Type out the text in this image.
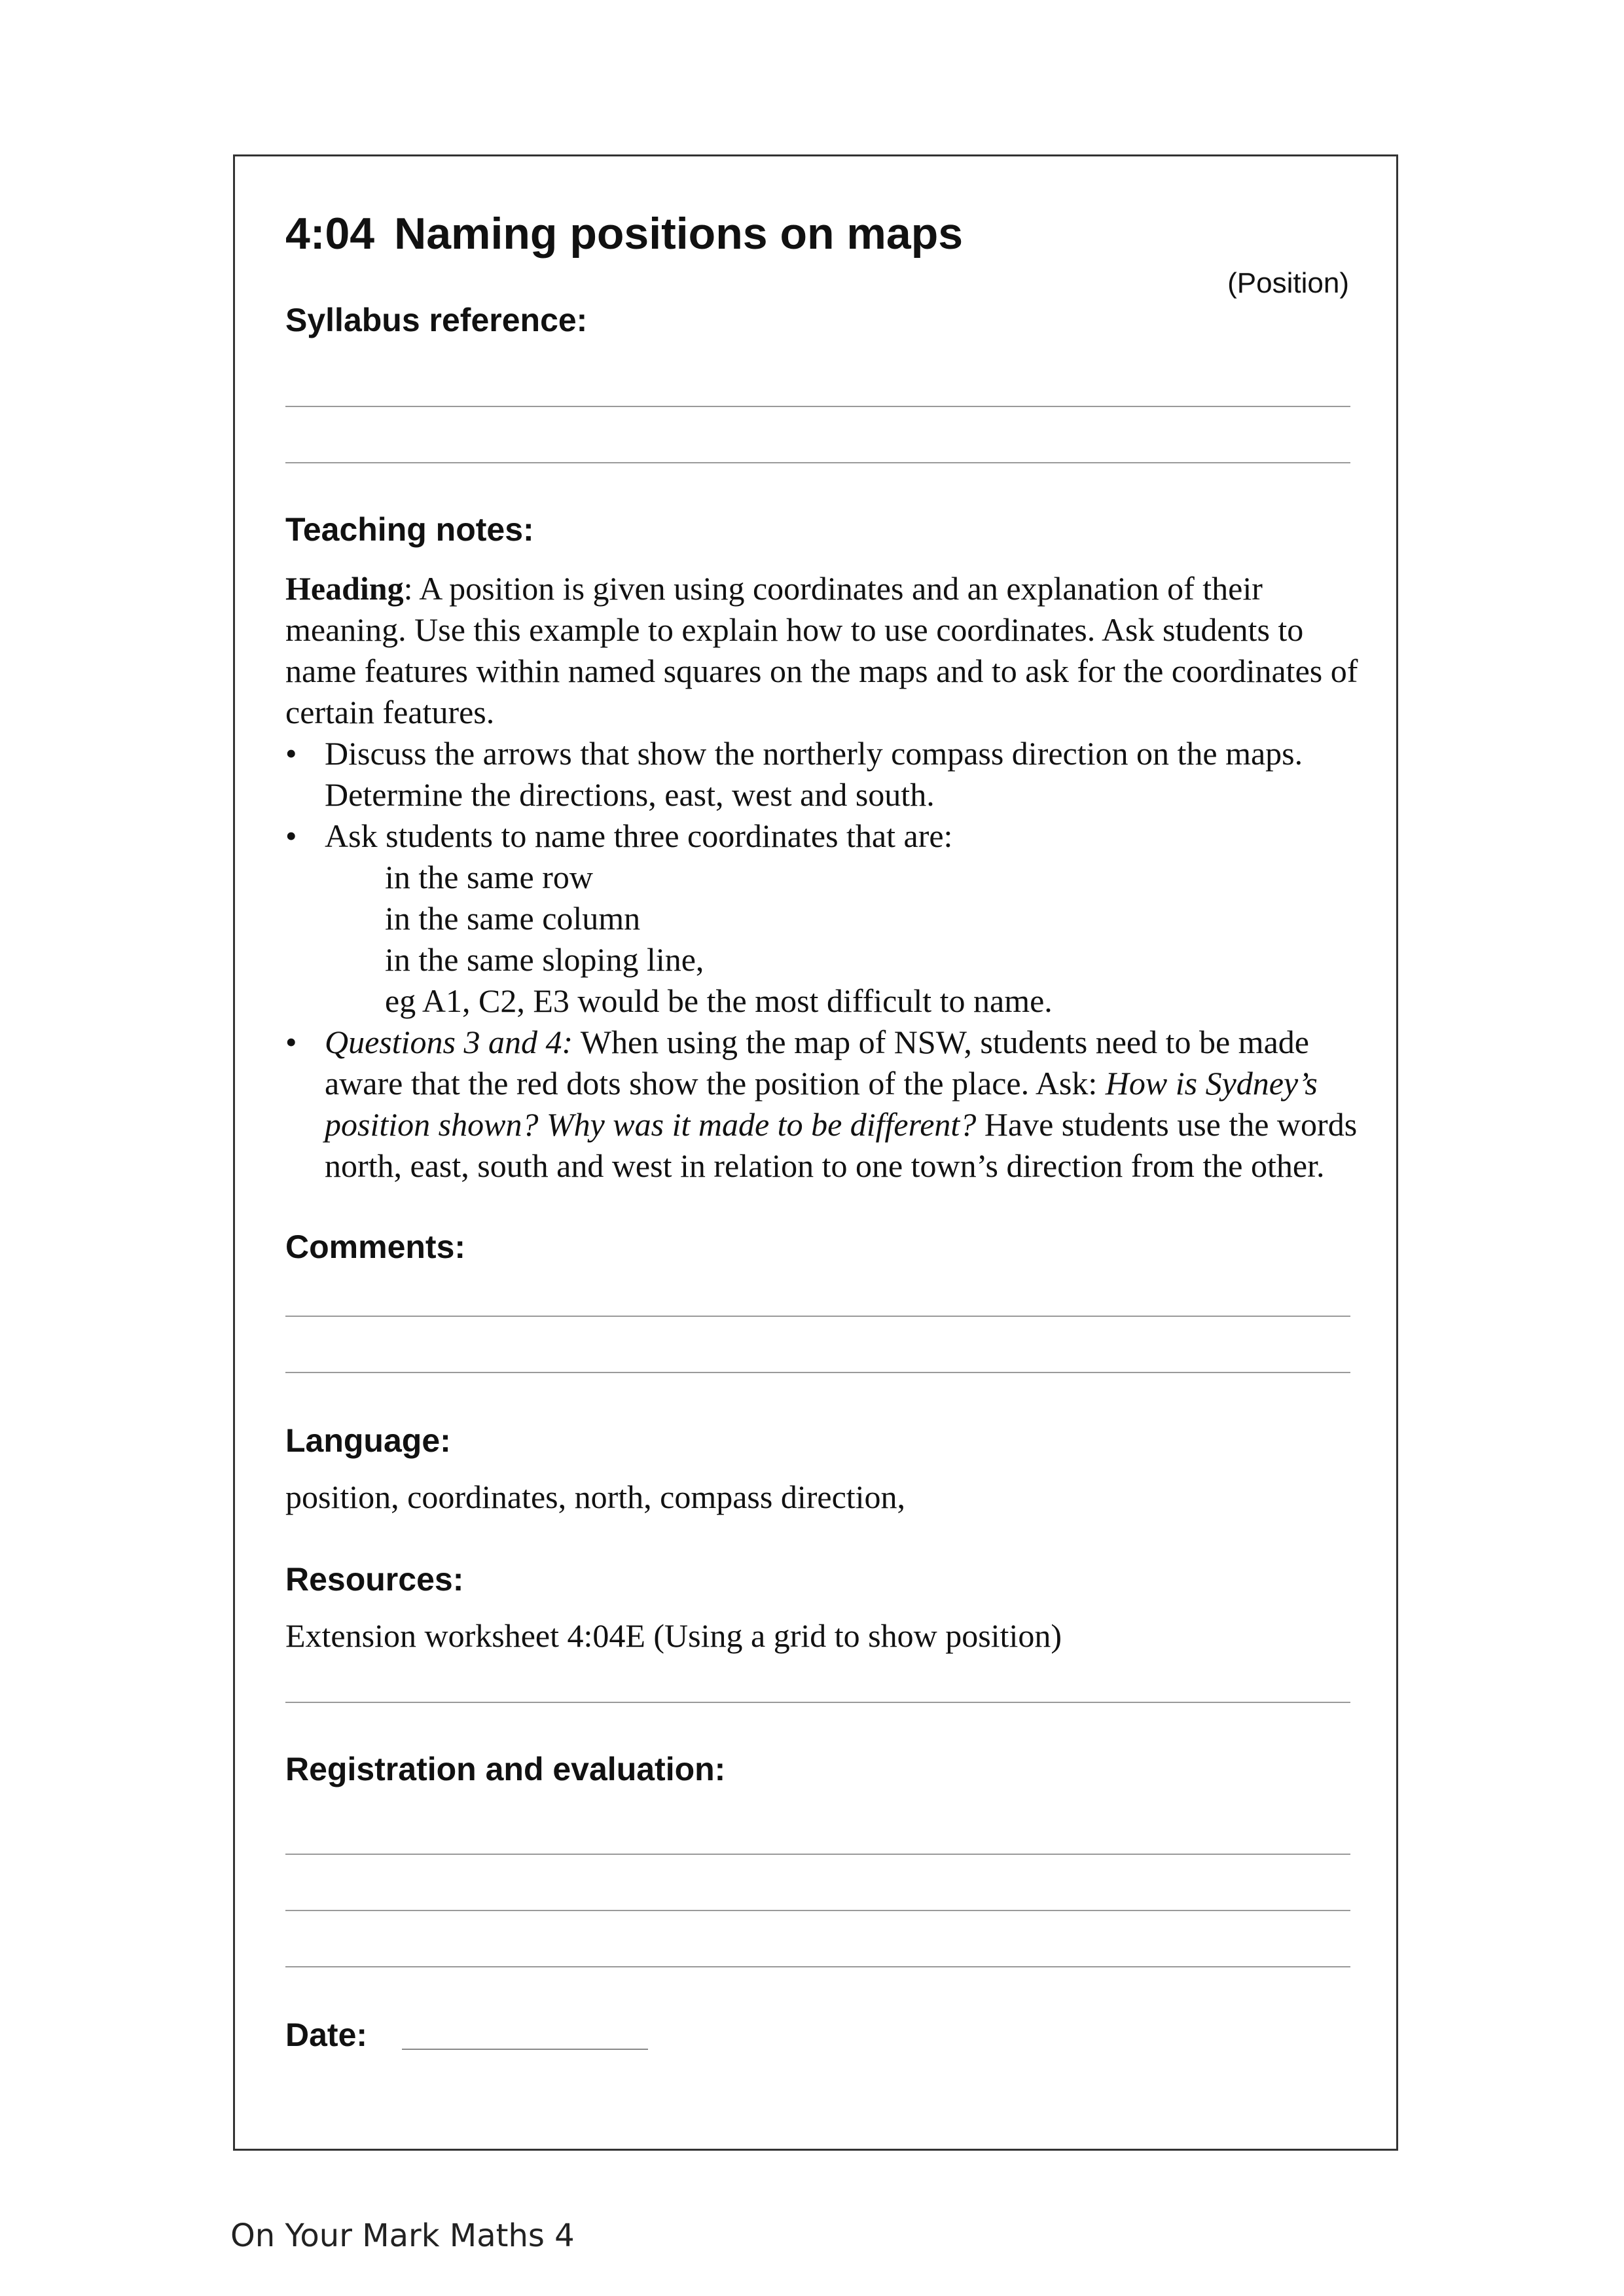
4:04 Naming positions on maps
(Position)
Syllabus reference:
Teaching notes:

Heading: A position is given using coordinates and an explanation of their meaning. Use this example to explain how to use coordinates. Ask students to name features within named squares on the maps and to ask for the coordinates of certain features.

• Discuss the arrows that show the northerly compass direction on the maps. Determine the directions, east, west and south.
• Ask students to name three coordinates that are:
in the same row
in the same column
in the same sloping line,
eg A1, C2, E3 would be the most difficult to name.
• Questions 3 and 4: When using the map of NSW, students need to be made aware that the red dots show the position of the place. Ask: How is Sydney’s position shown? Why was it made to be different? Have students use the words north, east, south and west in relation to one town’s direction from the other.
Comments:
Language:
position, coordinates, north, compass direction,
Resources:
Extension worksheet 4:04E (Using a grid to show position)
Registration and evaluation:
Date:
On Your Mark Maths 4
